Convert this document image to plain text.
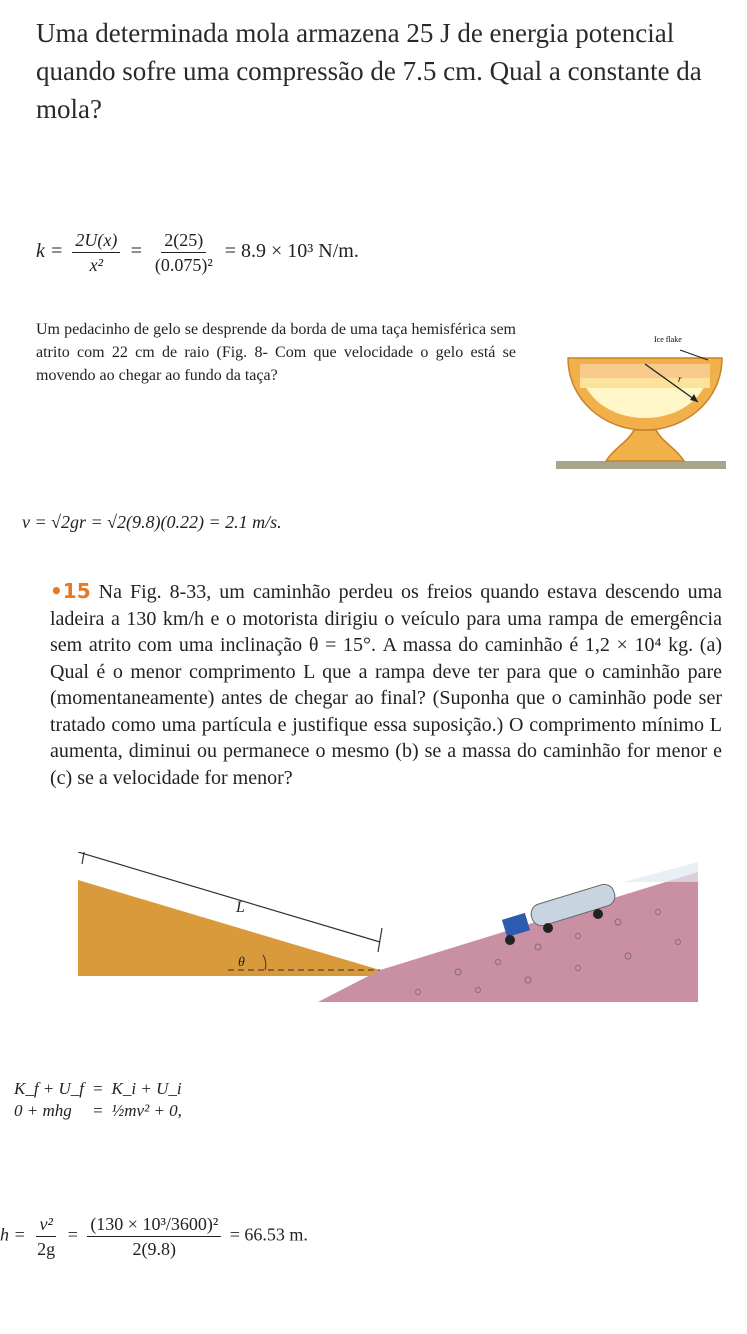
Uma determinada mola armazena 25 J de energia potencial quando sofre uma compressão de 7.5 cm. Qual a constante da mola?
$k = \frac{2U(x)}{\text{x²}} = \frac{2(25)}{\text{(0.075)²}} = 8.9 \times 10^3$ N/m.
Um pedacinho de gelo se desprende da borda de uma taça hemisférica sem atrito com 22 cm de raio (Fig. 8- Com que velocidade o gelo está se movendo ao chegar ao fundo da taça?
Ice flake
r
v = √2gr = √2(9.8)(0.22) = 2.1 m/s.
•15 Na Fig. 8-33, um caminhão perdeu os freios quando estava descendo uma ladeira a 130 km/h e o motorista dirigiu o veículo para uma rampa de emergência sem atrito com uma inclinação θ = 15°. A massa do caminhão é 1,2 × 10⁴ kg. (a) Qual é o menor comprimento L que a rampa deve ter para que o caminhão pare (momentaneamente) antes de chegar ao final? (Suponha que o caminhão pode ser tratado como uma partícula e justifique essa suposição.) O comprimento mínimo L aumenta, diminui ou permanece o mesmo (b) se a massa do caminhão for menor e (c) se a velocidade for menor?
L
θ
K_f + U_f	=	K_i + U_i
0 + mhg	=	½mv² + 0,
$h = \frac{\text{v²}}{2g} = \frac{\text{(130 × 10³/3600)²}}{2(9.8)} = 66.53$ m.
